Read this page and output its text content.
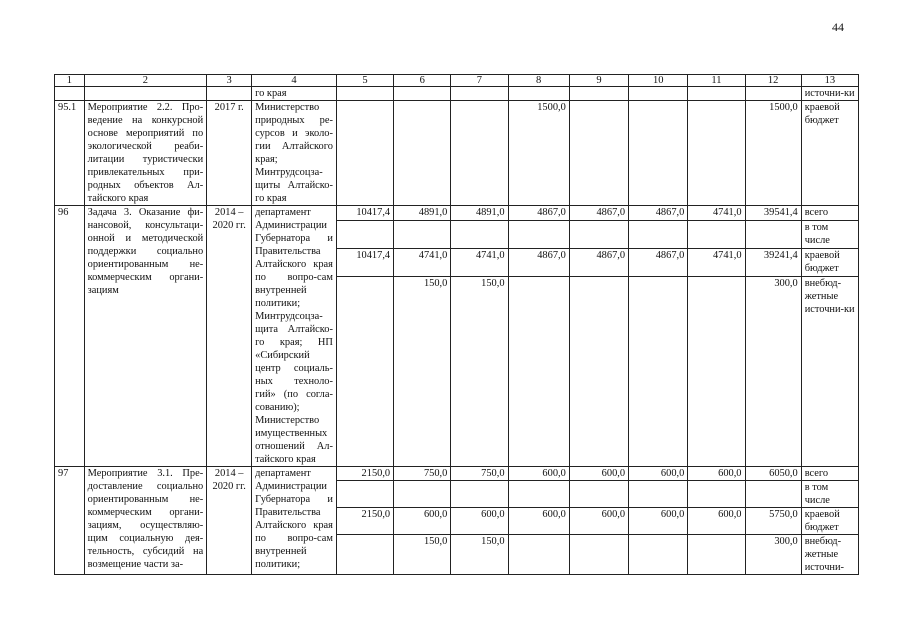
44
1	2	3	4	5	6	7	8	9	10	11	12	13
			го края									источни-ки
95.1	Мероприятие 2.2. Про-ведение на конкурсной основе мероприятий по экологической реаби-литации туристически привлекательных при-родных объектов Ал-тайского края	2017 г.	Министерство природных ре-сурсов и эколо-гии Алтайского края; Минтрудсоцза-щиты Алтайско-го края				1500,0				1500,0	краевой бюджет
96	Задача 3. Оказание фи-нансовой, консультаци-онной и методической поддержки социально ориентированным не-коммерческим органи-зациям	2014 – 2020 гг.	департамент Администрации Губернатора и Правительства Алтайского края по вопро-сам внутренней политики; Минтрудсоцза-щита Алтайско-го края; НП «Сибирский центр социаль-ных техноло-гий» (по согла-сованию); Министерство имущественных отношений Ал-тайского края	10417,4	4891,0	4891,0	4867,0	4867,0	4867,0	4741,0	39541,4	всего
												в том числе
				10417,4	4741,0	4741,0	4867,0	4867,0	4867,0	4741,0	39241,4	краевой бюджет
					150,0	150,0					300,0	внебюд-жетные источни-ки
97	Мероприятие 3.1. Пре-доставление социально ориентированным не-коммерческим органи-зациям, осуществляю-щим социальную дея-тельность, субсидий на возмещение части за-	2014 – 2020 гг.	департамент Администрации Губернатора и Правительства Алтайского края по вопро-сам внутренней политики;	2150,0	750,0	750,0	600,0	600,0	600,0	600,0	6050,0	всего
												в том числе
				2150,0	600,0	600,0	600,0	600,0	600,0	600,0	5750,0	краевой бюджет
					150,0	150,0					300,0	внебюд-жетные источни-
